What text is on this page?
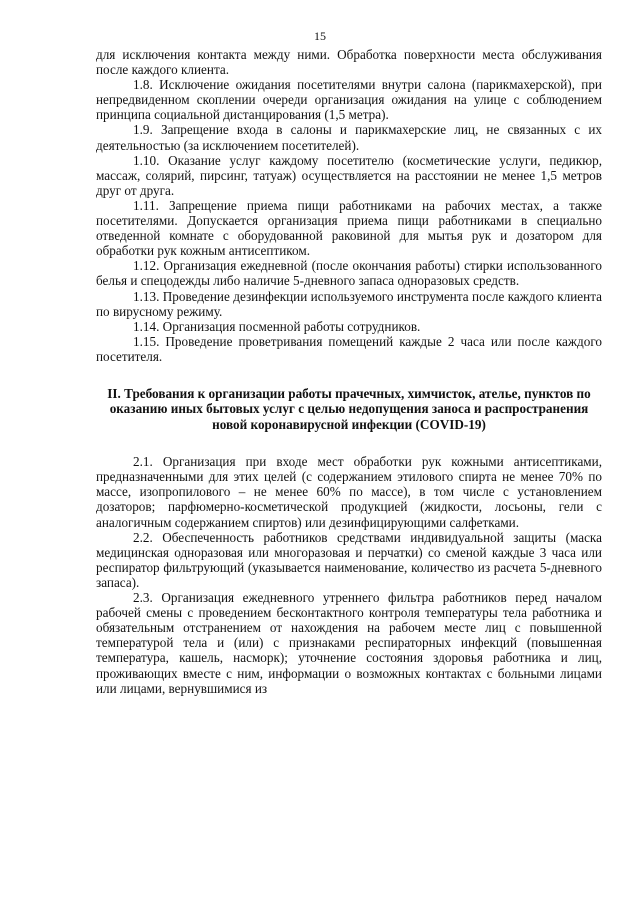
15

для исключения контакта между ними. Обработка поверхности места обслуживания после каждого клиента.

1.8. Исключение ожидания посетителями внутри салона (парикмахерской), при непредвиденном скоплении очереди организация ожидания на улице с соблюдением принципа социальной дистанцирования (1,5 метра).

1.9. Запрещение входа в салоны и парикмахерские лиц, не связанных с их деятельностью (за исключением посетителей).

1.10. Оказание услуг каждому посетителю (косметические услуги, педикюр, массаж, солярий, пирсинг, татуаж) осуществляется на расстоянии не менее 1,5 метров друг от друга.

1.11. Запрещение приема пищи работниками на рабочих местах, а также посетителями. Допускается организация приема пищи работниками в специально отведенной комнате с оборудованной раковиной для мытья рук и дозатором для обработки рук кожным антисептиком.

1.12. Организация ежедневной (после окончания работы) стирки использованного белья и спецодежды либо наличие 5-дневного запаса одноразовых средств.

1.13. Проведение дезинфекции используемого инструмента после каждого клиента по вирусному режиму.

1.14. Организация посменной работы сотрудников.

1.15. Проведение проветривания помещений каждые 2 часа или после каждого посетителя.

II. Требования к организации работы прачечных, химчисток, ателье, пунктов по оказанию иных бытовых услуг с целью недопущения заноса и распространения новой коронавирусной инфекции (COVID-19)

2.1. Организация при входе мест обработки рук кожными антисептиками, предназначенными для этих целей (с содержанием этилового спирта не менее 70% по массе, изопропилового – не менее 60% по массе), в том числе с установлением дозаторов; парфюмерно-косметической продукцией (жидкости, лосьоны, гели с аналогичным содержанием спиртов) или дезинфицирующими салфетками.

2.2. Обеспеченность работников средствами индивидуальной защиты (маска медицинская одноразовая или многоразовая и перчатки) со сменой каждые 3 часа или респиратор фильтрующий (указывается наименование, количество из расчета 5-дневного запаса).

2.3. Организация ежедневного утреннего фильтра работников перед началом рабочей смены с проведением бесконтактного контроля температуры тела работника и обязательным отстранением от нахождения на рабочем месте лиц с повышенной температурой тела и (или) с признаками респираторных инфекций (повышенная температура, кашель, насморк); уточнение состояния здоровья работника и лиц, проживающих вместе с ним, информации о возможных контактах с больными лицами или лицами, вернувшимися из
